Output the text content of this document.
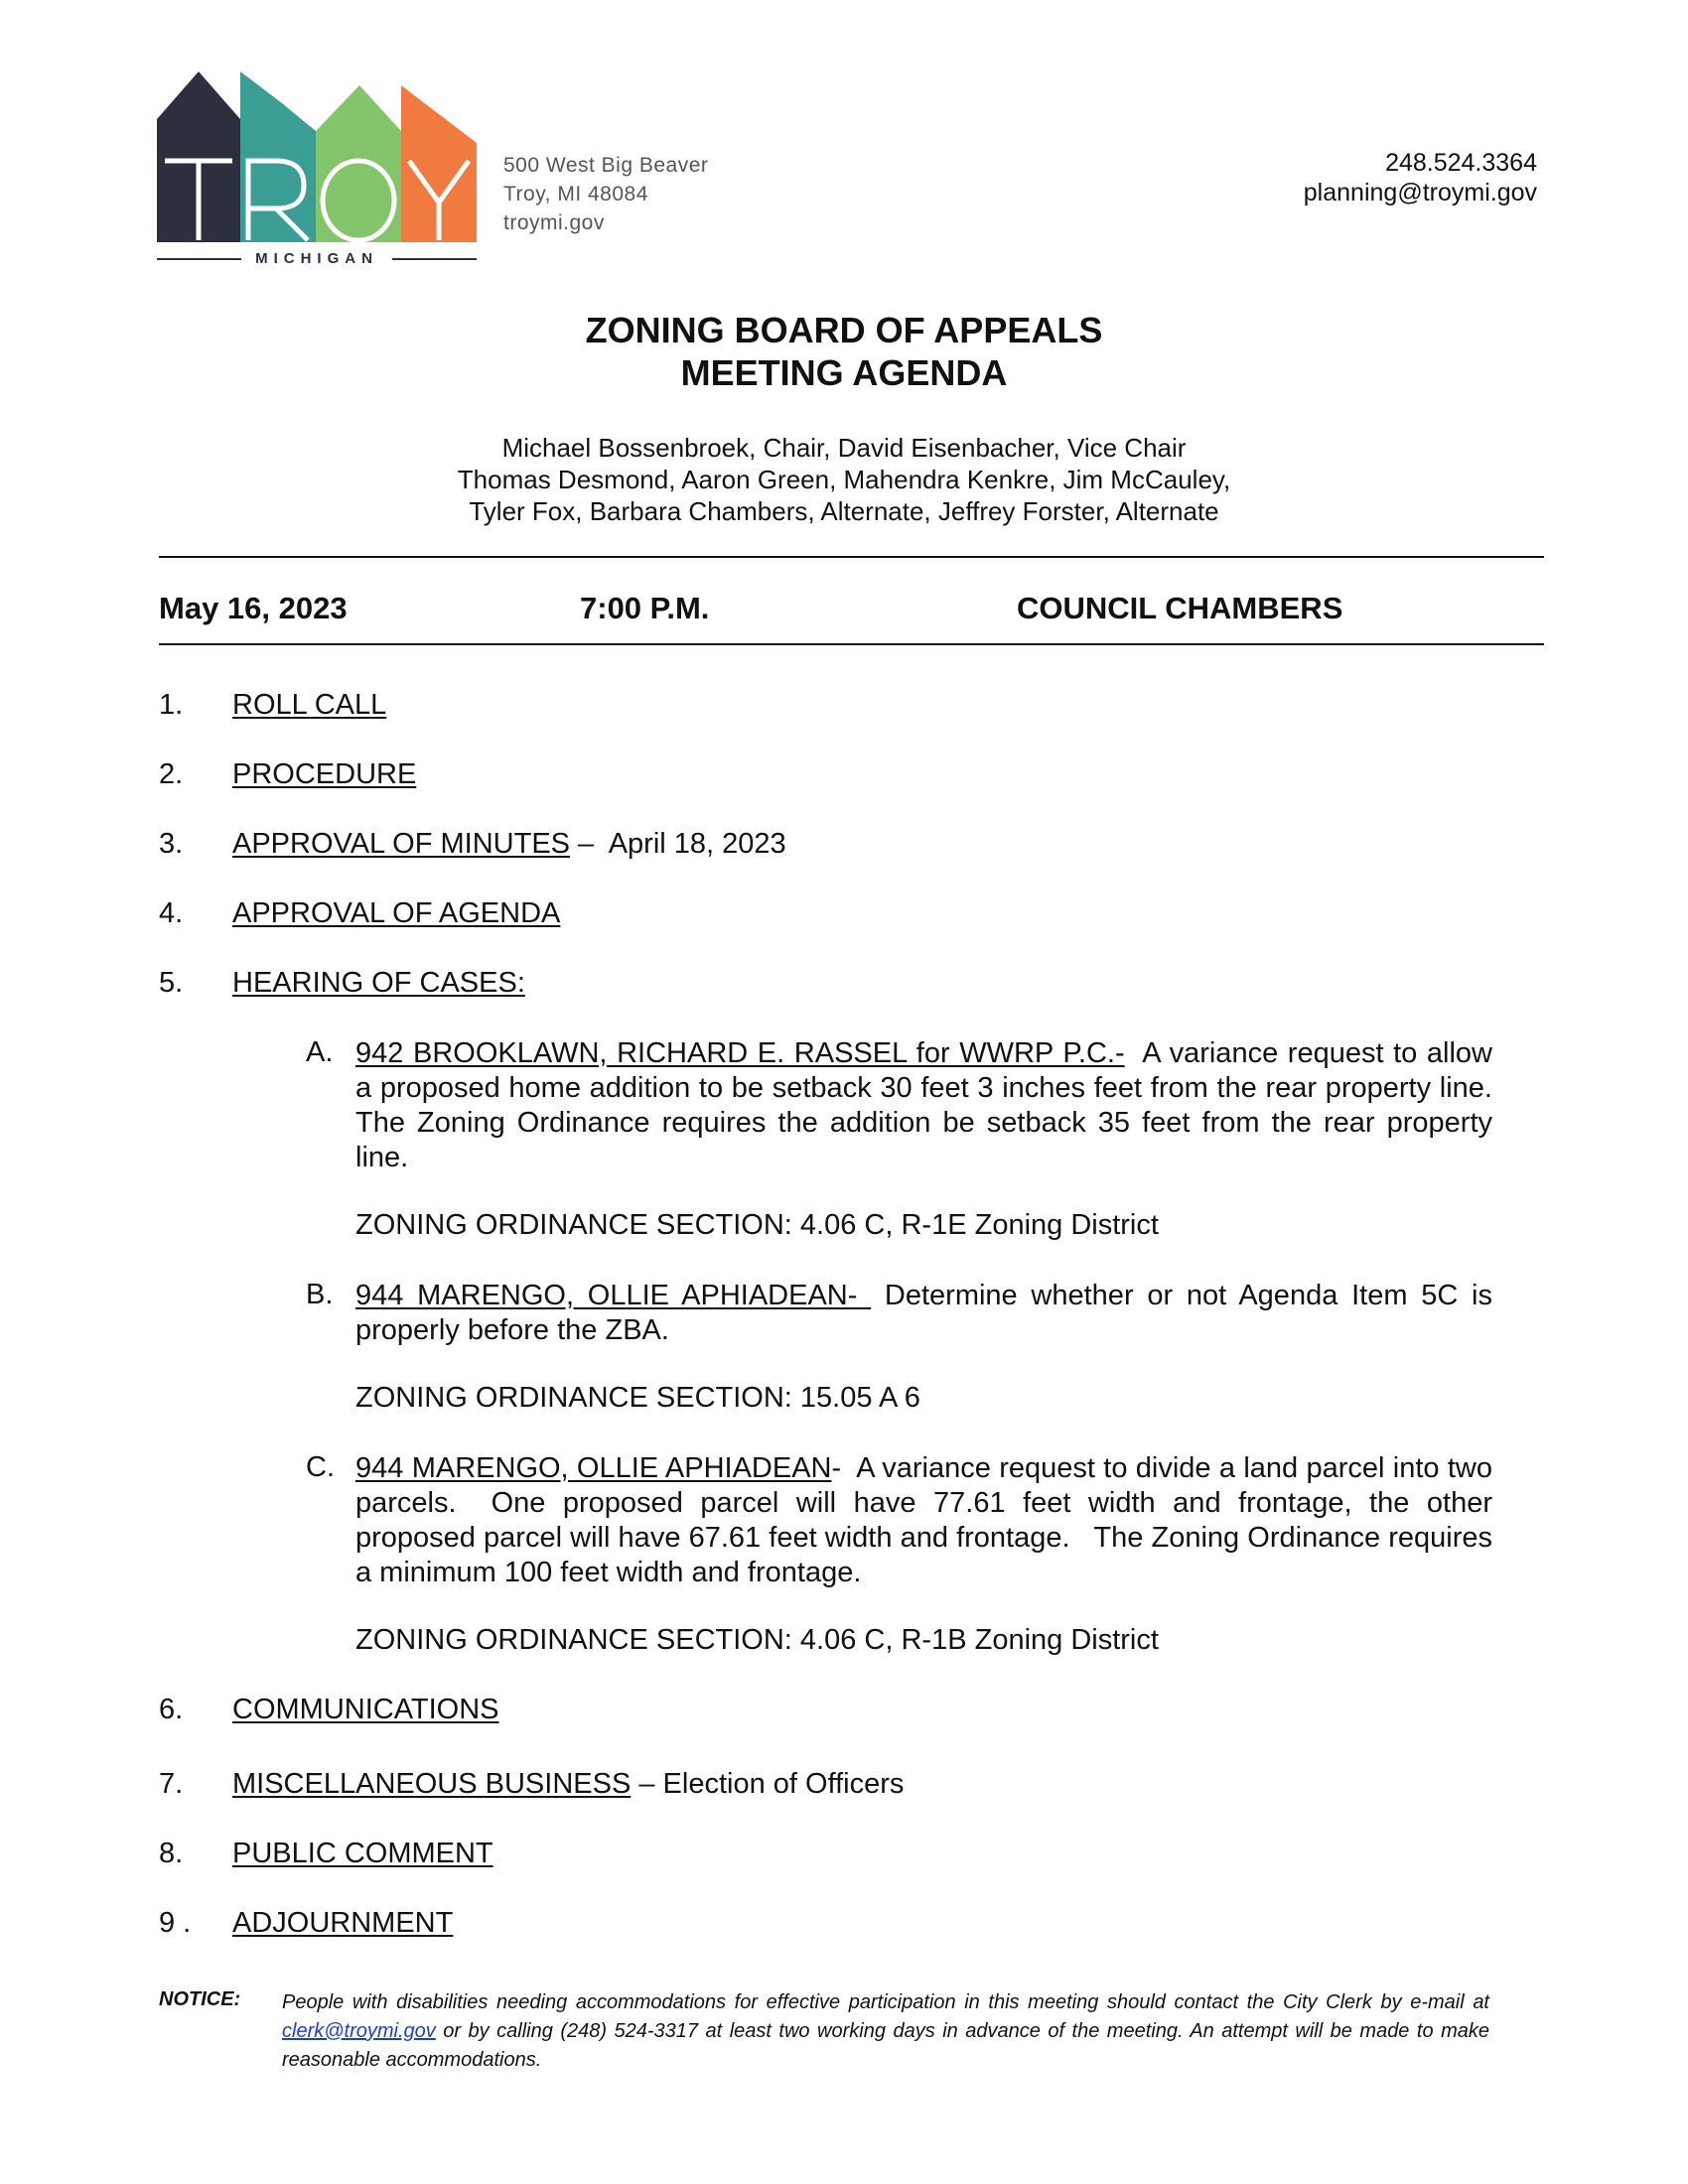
MICHIGAN
500 West Big Beaver
Troy, MI 48084
troymi.gov
248.524.3364
planning@troymi.gov
ZONING BOARD OF APPEALS
MEETING AGENDA
Michael Bossenbroek, Chair, David Eisenbacher, Vice Chair
Thomas Desmond, Aaron Green, Mahendra Kenkre, Jim McCauley,
Tyler Fox, Barbara Chambers, Alternate, Jeffrey Forster, Alternate
May 16, 2023	7:00 P.M.	COUNCIL CHAMBERS
1. ROLL CALL
2. PROCEDURE
3. APPROVAL OF MINUTES –  April 18, 2023
4. APPROVAL OF AGENDA
5. HEARING OF CASES:
A. 942 BROOKLAWN, RICHARD E. RASSEL for WWRP P.C.-  A variance request to allow a proposed home addition to be setback 30 feet 3 inches feet from the rear property line.  The Zoning Ordinance requires the addition be setback 35 feet from the rear property line.
ZONING ORDINANCE SECTION: 4.06 C, R-1E Zoning District
B. 944 MARENGO, OLLIE APHIADEAN-  Determine whether or not Agenda Item 5C is properly before the ZBA.
ZONING ORDINANCE SECTION: 15.05 A 6
C. 944 MARENGO, OLLIE APHIADEAN-  A variance request to divide a land parcel into two parcels.  One proposed parcel will have 77.61 feet width and frontage, the other proposed parcel will have 67.61 feet width and frontage.   The Zoning Ordinance requires a minimum 100 feet width and frontage.
ZONING ORDINANCE SECTION: 4.06 C, R-1B Zoning District
6. COMMUNICATIONS
7. MISCELLANEOUS BUSINESS – Election of Officers
8. PUBLIC COMMENT
9 . ADJOURNMENT
NOTICE: People with disabilities needing accommodations for effective participation in this meeting should contact the City Clerk by e-mail at clerk@troymi.gov or by calling (248) 524-3317 at least two working days in advance of the meeting. An attempt will be made to make reasonable accommodations.
